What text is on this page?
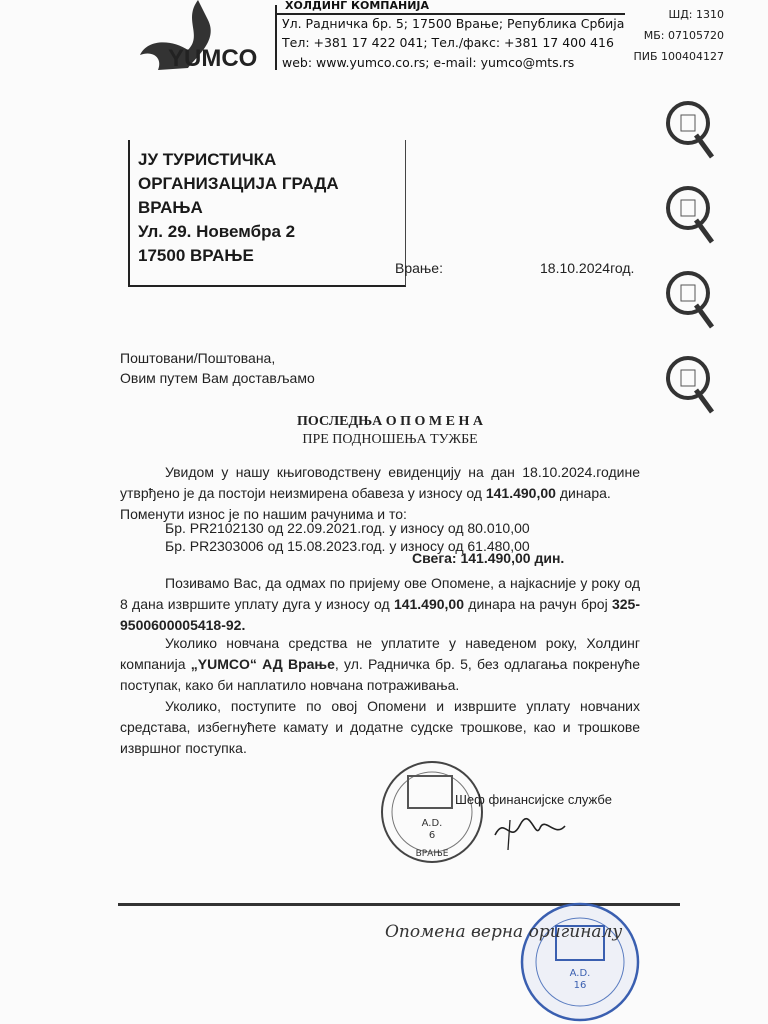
ХОЛДИНГ КОМПАНИЈА
YUMCO
Ул. Радничка бр. 5; 17500 Врање; Република Србија
Тел: +381 17 422 041; Тел./факс: +381 17 400 416
web: www.yumco.co.rs; e-mail: yumco@mts.rs
ШД: 1310
МБ: 07105720
ПИБ 100404127
ЈУ ТУРИСТИЧКА
ОРГАНИЗАЦИЈА ГРАДА
ВРАЊА
Ул. 29. Новембра 2
17500 ВРАЊЕ
Врање:	18.10.2024год.
Поштовани/Поштована,
Овим путем Вам достављамо
ПОСЛЕДЊА О П О М Е Н А
ПРЕ ПОДНОШЕЊА ТУЖБЕ
Увидом у нашу књиговодствену евиденцију на дан 18.10.2024.године утврђено је да постоји неизмирена обавеза у износу од 141.490,00 динара.
Поменути износ је по нашим рачунима и то:
Бр. PR2102130 од 22.09.2021.год. у износу од 80.010,00
Бр. PR2303006 од 15.08.2023.год. у износу од 61.480,00
Свега: 141.490,00 дин.
Позивамо Вас, да одмах по пријему ове Опомене, а најкасније у року од 8 дана извршите уплату дуга у износу од 141.490,00 динара на рачун број 325-9500600005418-92.
Уколико новчана средства не уплатите у наведеном року, Холдинг компанија „YUMCO“ АД Врање, ул. Радничка бр. 5, без одлагања покренуће поступак, како би наплатило новчана потраживања.
Уколико, поступите по овој Опомени и извршите уплату новчаних средстава, избегнућете камату и додатне судске трошкове, као и трошкове извршног поступка.
A.D.
6
ВРАЊЕ
Шеф финансијске службе
A.D.
16
Опомена верна оригиналу
